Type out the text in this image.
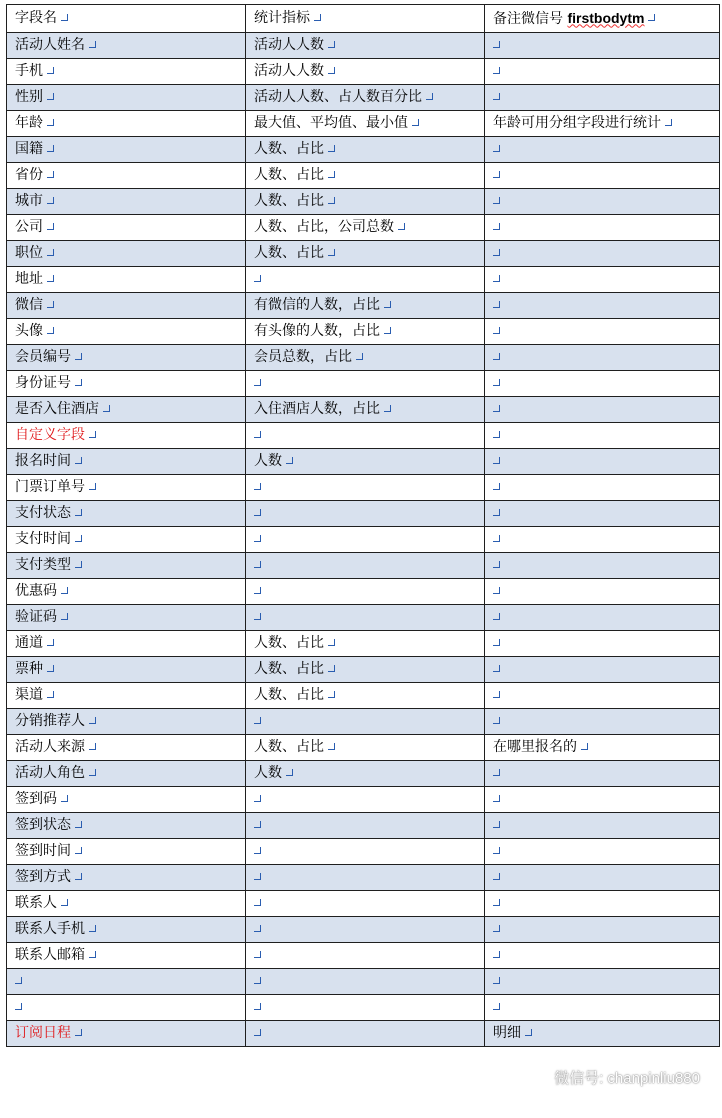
字段名	统计指标	备注微信号 firstbodytm
活动人姓名	活动人人数	
手机	活动人人数	
性别	活动人人数、占人数百分比	
年龄	最大值、平均值、最小值	年龄可用分组字段进行统计
国籍	人数、占比	
省份	人数、占比	
城市	人数、占比	
公司	人数、占比，公司总数	
职位	人数、占比	
地址		
微信	有微信的人数，占比	
头像	有头像的人数，占比	
会员编号	会员总数，占比	
身份证号		
是否入住酒店	入住酒店人数，占比	
自定义字段		
报名时间	人数	
门票订单号		
支付状态		
支付时间		
支付类型		
优惠码		
验证码		
通道	人数、占比	
票种	人数、占比	
渠道	人数、占比	
分销推荐人		
活动人来源	人数、占比	在哪里报名的
活动人角色	人数	
签到码		
签到状态		
签到时间		
签到方式		
联系人		
联系人手机		
联系人邮箱		

订阅日程		明细
微信号: chanpinliu880
